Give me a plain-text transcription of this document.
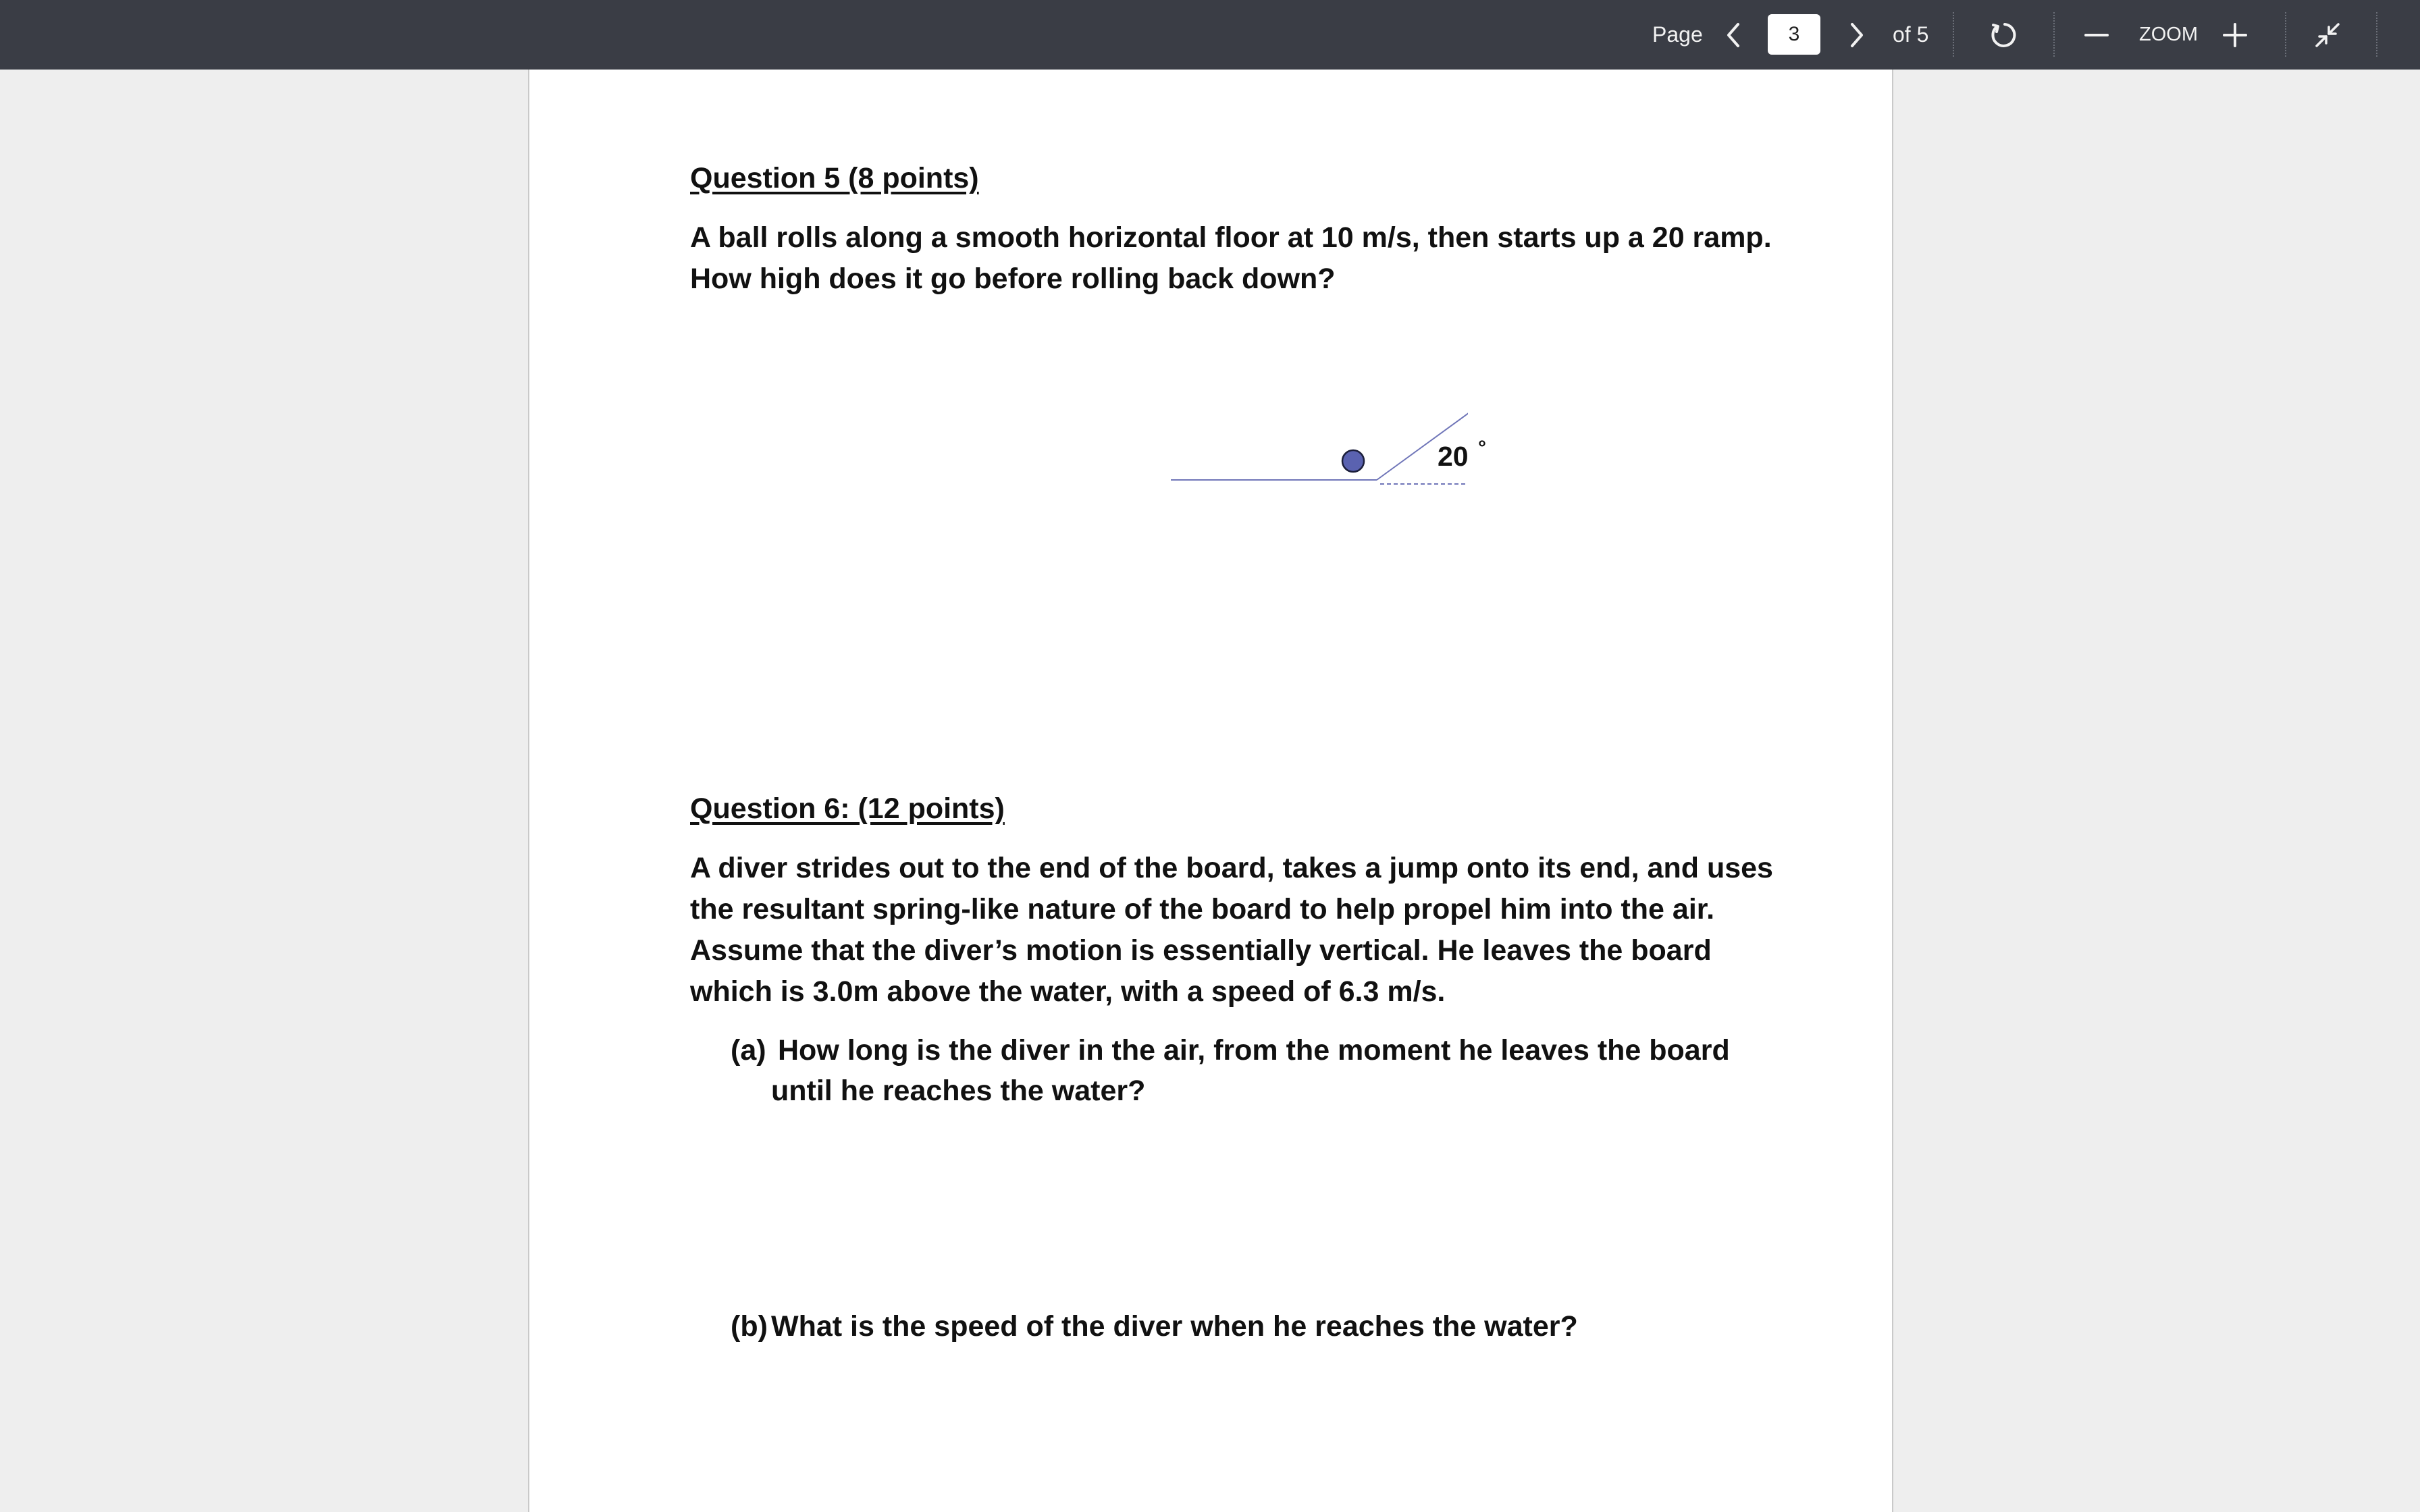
Page
3	of 5	ZOOM

Question 5 (8 points)

A ball rolls along a smooth horizontal floor at 10 m/s, then starts up a 20 ramp.

How high does it go before rolling back down?

20 °

Question 6: (12 points)

A diver strides out to the end of the board, takes a jump onto its end, and uses

the resultant spring-like nature of the board to help propel him into the air.

Assume that the diver’s motion is essentially vertical. He leaves the board

which is 3.0m above the water, with a speed of 6.3 m/s.

(a) How long is the diver in the air, from the moment he leaves the board
until he reaches the water?
(b) What is the speed of the diver when he reaches the water?
